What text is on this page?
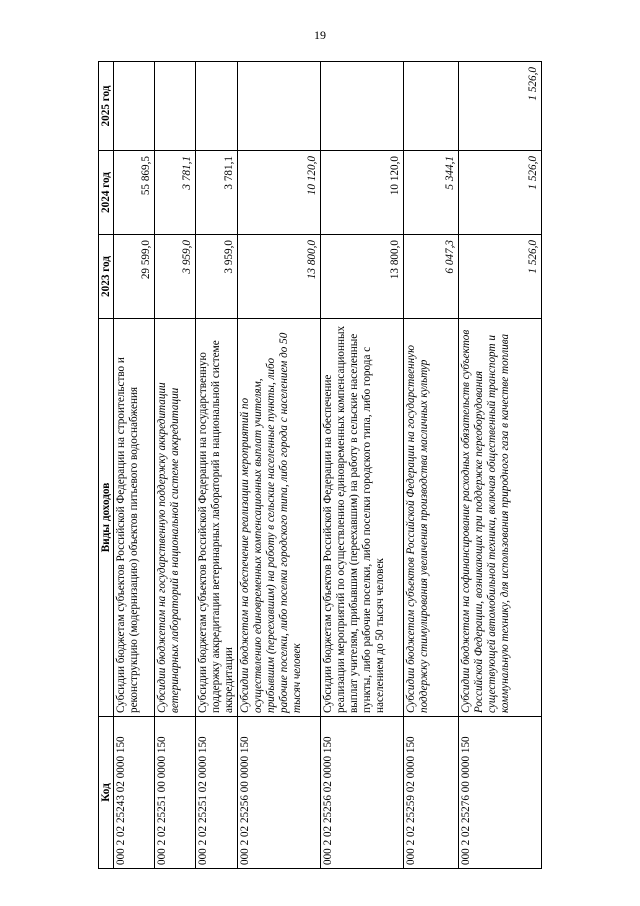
19
Код	Виды доходов	2023 год	2024 год	2025 год
000 2 02 25243 02 0000 150	Субсидии бюджетам субъектов Российской Федерации на строительство и реконструкцию (модернизацию) объектов питьевого водоснабжения	29 599,0	55 869,5	
000 2 02 25251 00 0000 150	Субсидии бюджетам на государственную поддержку аккредитации ветеринарных лабораторий в национальной системе аккредитации	3 959,0	3 781,1	
000 2 02 25251 02 0000 150	Субсидии бюджетам субъектов Российской Федерации на государственную поддержку аккредитации ветеринарных лабораторий в национальной системе аккредитации	3 959,0	3 781,1	
000 2 02 25256 00 0000 150	Субсидии бюджетам на обеспечение реализации мероприятий по осуществлению единовременных компенсационных выплат учителям, прибывшим (переехавшим) на работу в сельские населенные пункты, либо рабочие поселки, либо поселки городского типа, либо города с населением до 50 тысяч человек	13 800,0	10 120,0	
000 2 02 25256 02 0000 150	Субсидии бюджетам субъектов Российской Федерации на обеспечение реализации мероприятий по осуществлению единовременных компенсационных выплат учителям, прибывшим (переехавшим) на работу в сельские населенные пункты, либо рабочие поселки, либо поселки городского типа, либо города с населением до 50 тысяч человек	13 800,0	10 120,0	
000 2 02 25259 02 0000 150	Субсидии бюджетам субъектов Российской Федерации на государственную поддержку стимулирования увеличения производства масличных культур	6 047,3	5 344,1	
000 2 02 25276 00 0000 150	Субсидии бюджетам на софинансирование расходных обязательств субъектов Российской Федерации, возникающих при поддержке переоборудования существующей автомобильной техники, включая общественный транспорт и коммунальную технику, для использования природного газа в качестве топлива	1 526,0	1 526,0	1 526,0
